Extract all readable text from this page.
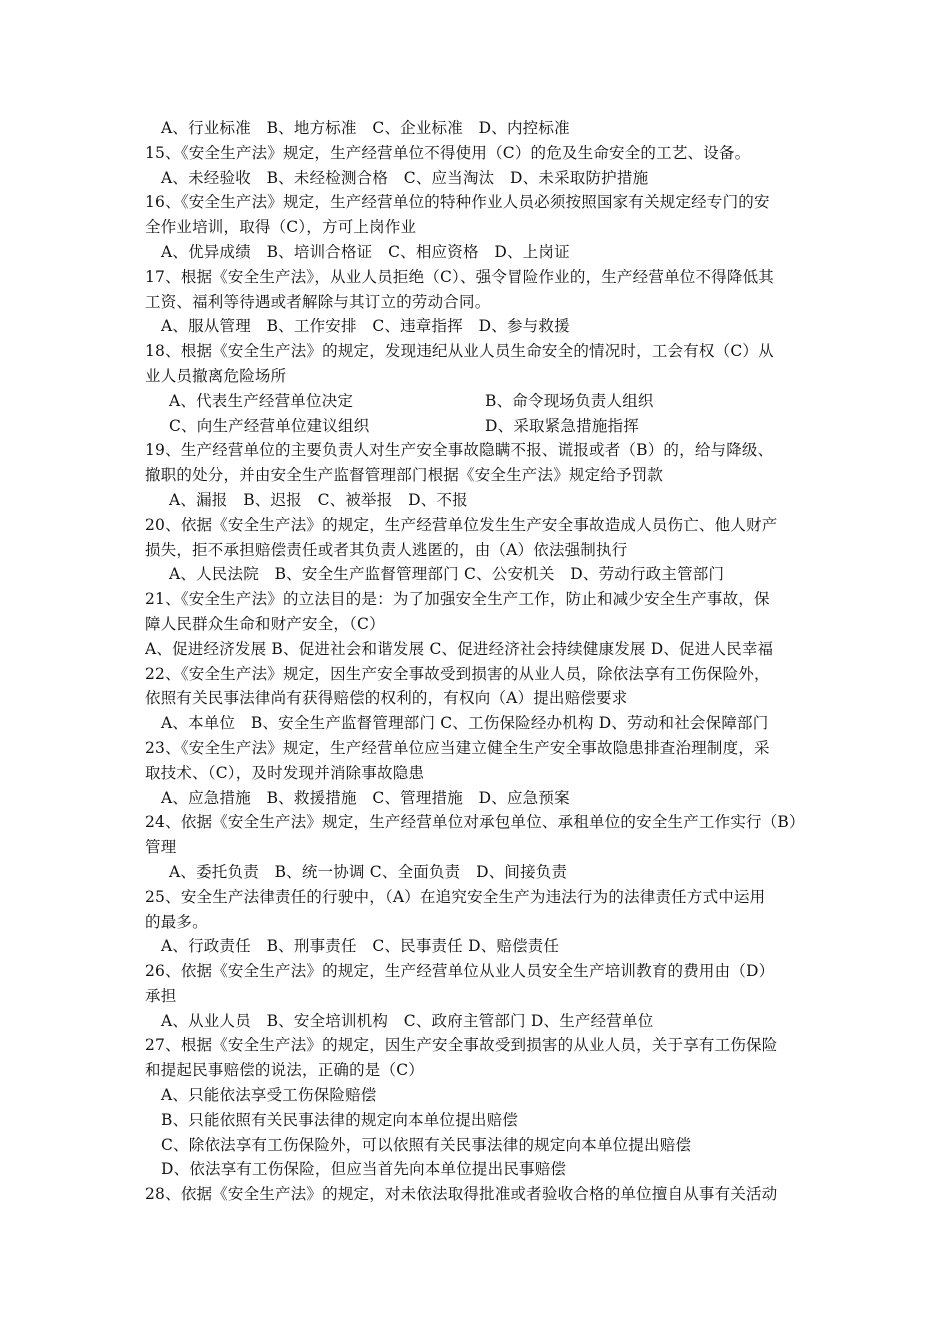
A、行业标准　B、地方标准　C、企业标准　D、内控标准
15、《安全生产法》规定，生产经营单位不得使用（C）的危及生命安全的工艺、设备。
A、未经验收　B、未经检测合格　C、应当淘汰　D、未采取防护措施
16、《安全生产法》规定，生产经营单位的特种作业人员必须按照国家有关规定经专门的安
全作业培训，取得（C），方可上岗作业
A、优异成绩　B、培训合格证　C、相应资格　D、上岗证
17、根据《安全生产法》，从业人员拒绝（C）、强令冒险作业的，生产经营单位不得降低其
工资、福利等待遇或者解除与其订立的劳动合同。
A、服从管理　B、工作安排　C、违章指挥　D、参与救援
18、根据《安全生产法》的规定，发现违纪从业人员生命安全的情况时，工会有权（C）从
业人员撤离危险场所
A、代表生产经营单位决定	B、命令现场负责人组织
C、向生产经营单位建议组织	D、采取紧急措施指挥
19、生产经营单位的主要负责人对生产安全事故隐瞒不报、谎报或者（B）的，给与降级、
撤职的处分，并由安全生产监督管理部门根据《安全生产法》规定给予罚款
A、漏报　B、迟报　C、被举报　D、不报
20、依据《安全生产法》的规定，生产经营单位发生生产安全事故造成人员伤亡、他人财产
损失，拒不承担赔偿责任或者其负责人逃匿的，由（A）依法强制执行
A、人民法院　B、安全生产监督管理部门 C、公安机关　D、劳动行政主管部门
21、《安全生产法》的立法目的是：为了加强安全生产工作，防止和减少安全生产事故，保
障人民群众生命和财产安全，（C）
A、促进经济发展 B、促进社会和谐发展 C、促进经济社会持续健康发展 D、促进人民幸福
22、《安全生产法》规定，因生产安全事故受到损害的从业人员，除依法享有工伤保险外，
依照有关民事法律尚有获得赔偿的权利的，有权向（A）提出赔偿要求
A、本单位　B、安全生产监督管理部门 C、工伤保险经办机构 D、劳动和社会保障部门
23、《安全生产法》规定，生产经营单位应当建立健全生产安全事故隐患排查治理制度，采
取技术、（C），及时发现并消除事故隐患
A、应急措施　B、救援措施　C、管理措施　D、应急预案
24、依据《安全生产法》规定，生产经营单位对承包单位、承租单位的安全生产工作实行（B）
管理
A、委托负责　B、统一协调 C、全面负责　D、间接负责
25、安全生产法律责任的行驶中，（A）在追究安全生产为违法行为的法律责任方式中运用
的最多。
A、行政责任　B、刑事责任　C、民事责任 D、赔偿责任
26、依据《安全生产法》的规定，生产经营单位从业人员安全生产培训教育的费用由（D）
承担
A、从业人员　B、安全培训机构　C、政府主管部门 D、生产经营单位
27、根据《安全生产法》的规定，因生产安全事故受到损害的从业人员，关于享有工伤保险
和提起民事赔偿的说法，正确的是（C）
A、只能依法享受工伤保险赔偿
B、只能依照有关民事法律的规定向本单位提出赔偿
C、除依法享有工伤保险外，可以依照有关民事法律的规定向本单位提出赔偿
D、依法享有工伤保险，但应当首先向本单位提出民事赔偿
28、依据《安全生产法》的规定，对未依法取得批准或者验收合格的单位擅自从事有关活动
